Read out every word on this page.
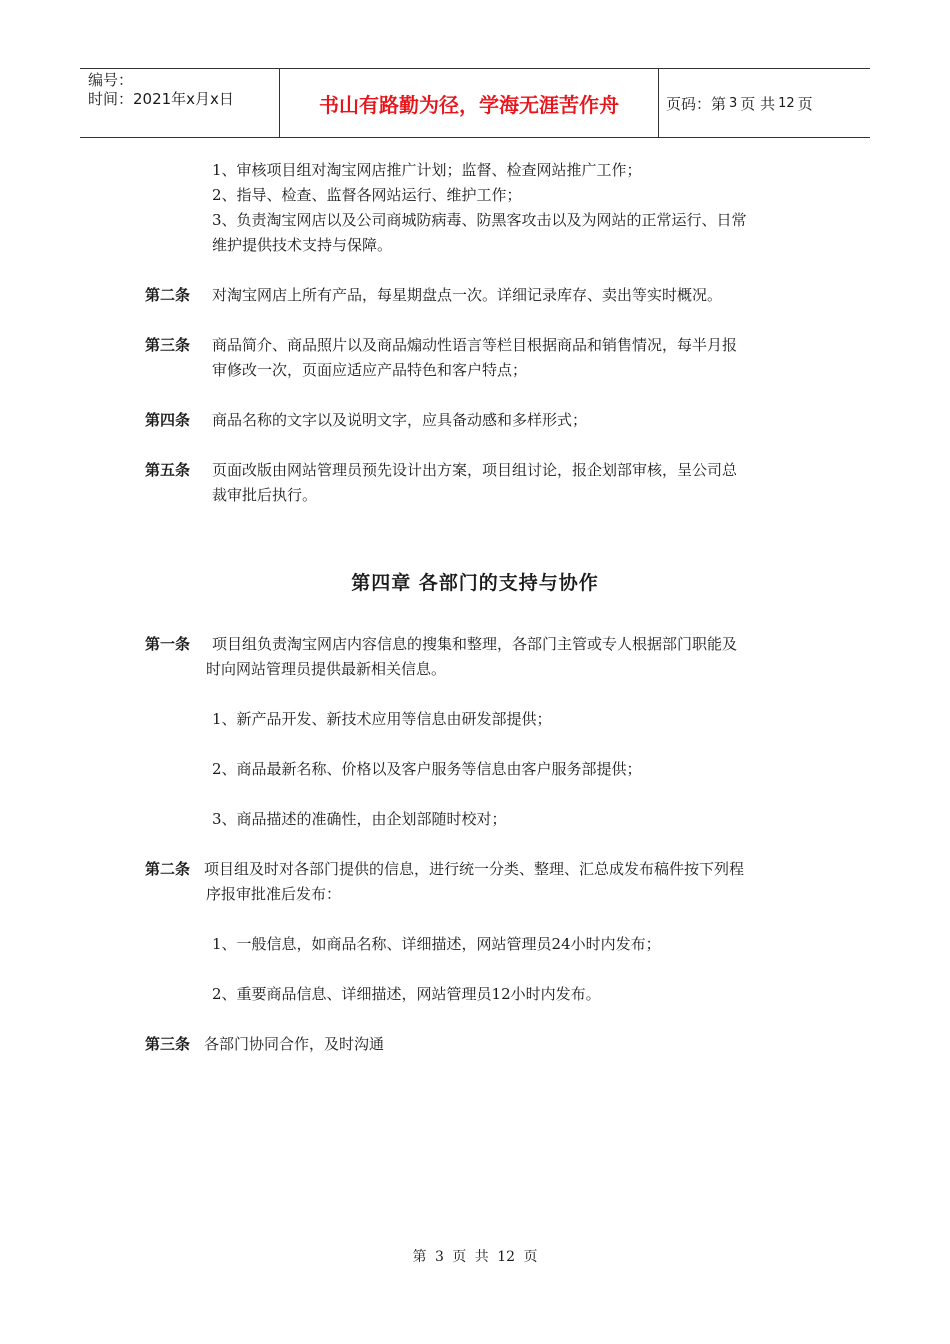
编号：
时间：2021年x月x日	书山有路勤为径，学海无涯苦作舟	页码：第 3 页 共 12 页
1、审核项目组对淘宝网店推广计划；监督、检查网站推广工作；
2、指导、检查、监督各网站运行、维护工作；
3、负责淘宝网店以及公司商城防病毒、防黑客攻击以及为网站的正常运行、日常
维护提供技术支持与保障。
第二条 对淘宝网店上所有产品，每星期盘点一次。详细记录库存、卖出等实时概况。
第三条 商品简介、商品照片以及商品煽动性语言等栏目根据商品和销售情况，每半月报
审修改一次，页面应适应产品特色和客户特点；
第四条 商品名称的文字以及说明文字，应具备动感和多样形式；
第五条 页面改版由网站管理员预先设计出方案，项目组讨论，报企划部审核，呈公司总
裁审批后执行。
第四章 各部门的支持与协作
第一条 项目组负责淘宝网店内容信息的搜集和整理，各部门主管或专人根据部门职能及
时向网站管理员提供最新相关信息。
1、新产品开发、新技术应用等信息由研发部提供；
2、商品最新名称、价格以及客户服务等信息由客户服务部提供；
3、商品描述的准确性，由企划部随时校对；
第二条 项目组及时对各部门提供的信息，进行统一分类、整理、汇总成发布稿件按下列程
序报审批准后发布：
1、一般信息，如商品名称、详细描述，网站管理员24小时内发布；
2、重要商品信息、详细描述，网站管理员12小时内发布。
第三条 各部门协同合作，及时沟通
第 3 页 共 12 页
